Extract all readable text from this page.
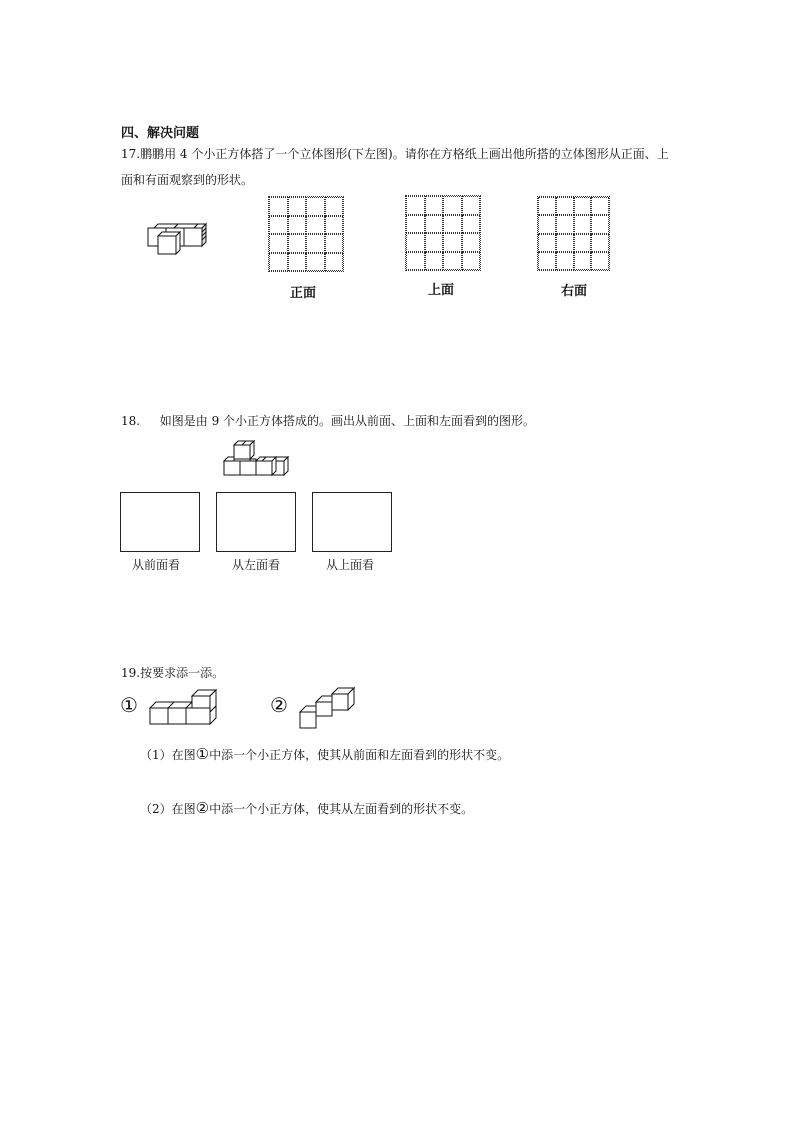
四、解决问题
17.鹏鹏用 4 个小正方体搭了一个立体图形(下左图)。请你在方格纸上画出他所搭的立体图形从正面、上
面和有面观察到的形状。
正面	上面	右面
18. 如图是由 9 个小正方体搭成的。画出从前面、上面和左面看到的图形。
从前面看	从左面看	从上面看
19.按要求添一添。
①	②
（1）在图①中添一个小正方体，使其从前面和左面看到的形状不变。
（2）在图②中添一个小正方体，使其从左面看到的形状不变。
